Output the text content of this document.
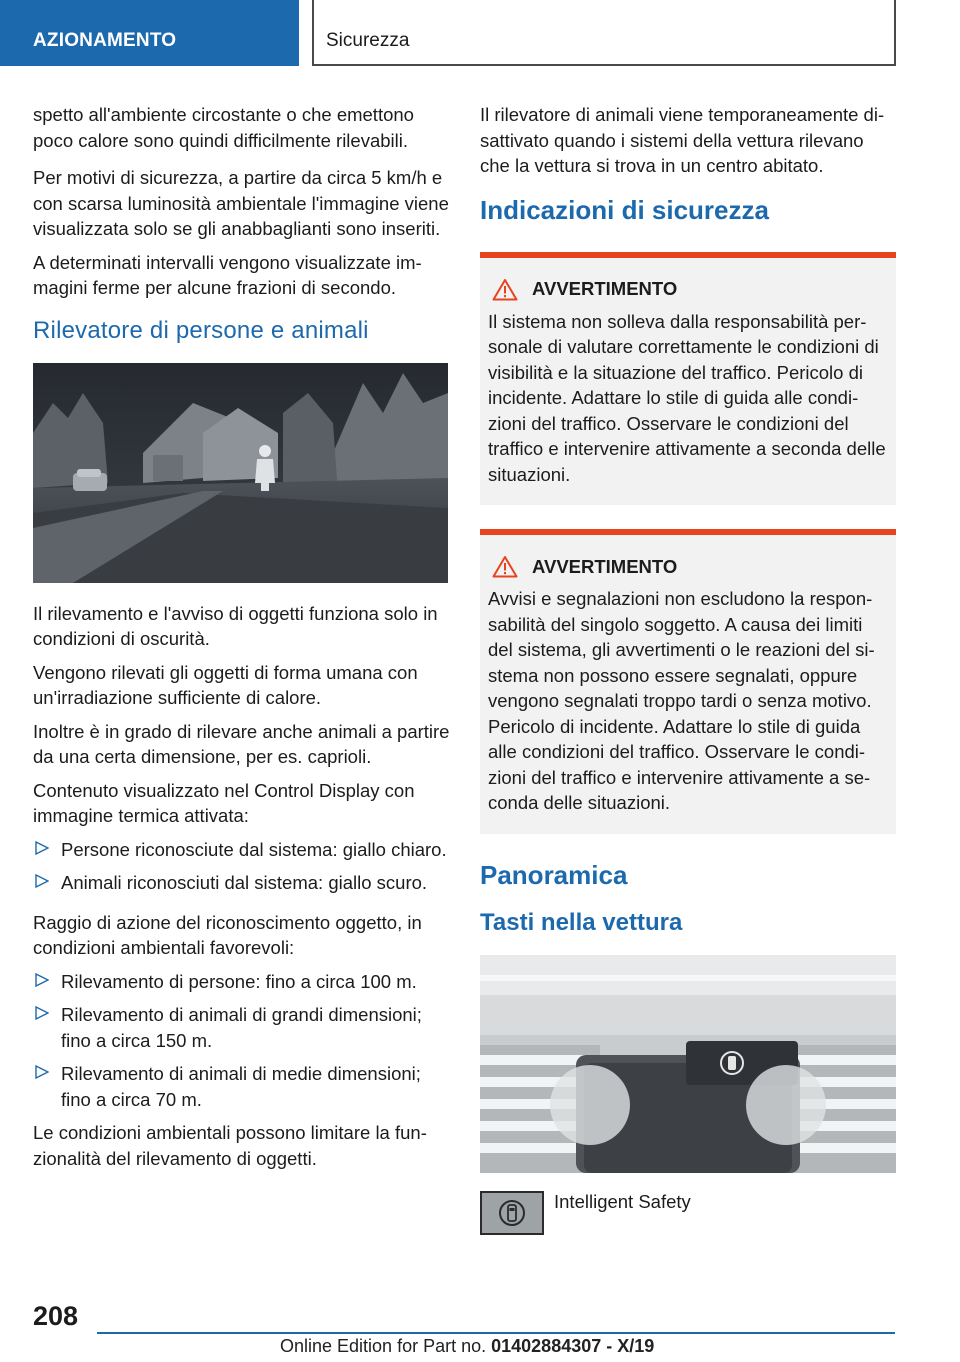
AZIONAMENTO	Sicurezza

spetto all'ambiente circostante o che emettono poco calore sono quindi difficilmente rilevabili.

Per motivi di sicurezza, a partire da circa 5 km/h e con scarsa luminosità ambientale l'immagine viene visualizzata solo se gli anabbaglianti sono inseriti.

A determinati intervalli vengono visualizzate immagini ferme per alcune frazioni di secondo.

Rilevatore di persone e animali

Il rilevamento e l'avviso di oggetti funziona solo in condizioni di oscurità.

Vengono rilevati gli oggetti di forma umana con un'irradiazione sufficiente di calore.

Inoltre è in grado di rilevare anche animali a partire da una certa dimensione, per es. caprioli.

Contenuto visualizzato nel Control Display con immagine termica attivata:

Persone riconosciute dal sistema: giallo chiaro.
Animali riconosciuti dal sistema: giallo scuro.

Raggio di azione del riconoscimento oggetto, in condizioni ambientali favorevoli:

Rilevamento di persone: fino a circa 100 m.
Rilevamento di animali di grandi dimensioni; fino a circa 150 m.
Rilevamento di animali di medie dimensioni; fino a circa 70 m.

Le condizioni ambientali possono limitare la funzionalità del rilevamento di oggetti.

Il rilevatore di animali viene temporaneamente disattivato quando i sistemi della vettura rilevano che la vettura si trova in un centro abitato.

Indicazioni di sicurezza
AVVERTIMENTO

Il sistema non solleva dalla responsabilità personale di valutare correttamente le condizioni di visibilità e la situazione del traffico. Pericolo di incidente. Adattare lo stile di guida alle condizioni del traffico. Osservare le condizioni del traffico e intervenire attivamente a seconda delle situazioni.

AVVERTIMENTO

Avvisi e segnalazioni non escludono la responsabilità del singolo soggetto. A causa dei limiti del sistema, gli avvertimenti o le reazioni del sistema non possono essere segnalati, oppure vengono segnalati troppo tardi o senza motivo. Pericolo di incidente. Adattare lo stile di guida alle condizioni del traffico. Osservare le condizioni del traffico e intervenire attivamente a seconda delle situazioni.

Panoramica
Tasti nella vettura
Intelligent Safety
208
Online Edition for Part no. 01402884307 - X/19
